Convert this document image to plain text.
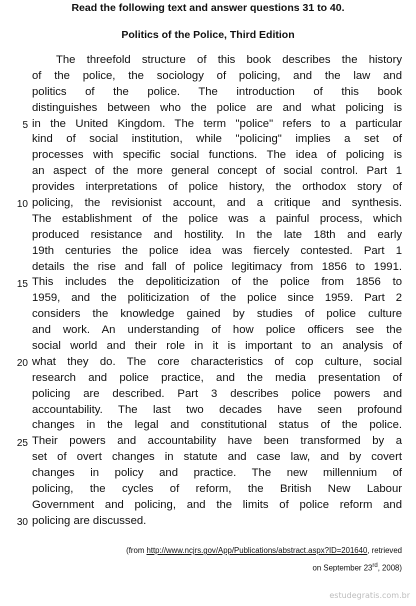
Read the following text and answer questions 31 to 40.
Politics of the Police, Third Edition
The threefold structure of this book describes the history
of the police, the sociology of policing, and the law and
politics of the police. The introduction of this book
distinguishes between who the police are and what policing is
in the United Kingdom. The term "police" refers to a particular
kind of social institution, while "policing" implies a set of
processes with specific social functions. The idea of policing is
an aspect of the more general concept of social control. Part 1
provides interpretations of police history, the orthodox story of
policing, the revisionist account, and a critique and synthesis.
The establishment of the police was a painful process, which
produced resistance and hostility. In the late 18th and early
19th centuries the police idea was fiercely contested. Part 1
details the rise and fall of police legitimacy from 1856 to 1991.
This includes the depoliticization of the police from 1856 to
1959, and the politicization of the police since 1959. Part 2
considers the knowledge gained by studies of police culture
and work. An understanding of how police officers see the
social world and their role in it is important to an analysis of
what they do. The core characteristics of cop culture, social
research and police practice, and the media presentation of
policing are described. Part 3 describes police powers and
accountability. The last two decades have seen profound
changes in the legal and constitutional status of the police.
Their powers and accountability have been transformed by a
set of overt changes in statute and case law, and by covert
changes in policy and practice. The new millennium of
policing, the cycles of reform, the British New Labour
Government and policing, and the limits of police reform and
policing are discussed.
5
10
15
20
25
30
(from http://www.ncjrs.gov/App/Publications/abstract.aspx?ID=201640, retrieved
on September 23rd, 2008)
estudegratis.com.br
